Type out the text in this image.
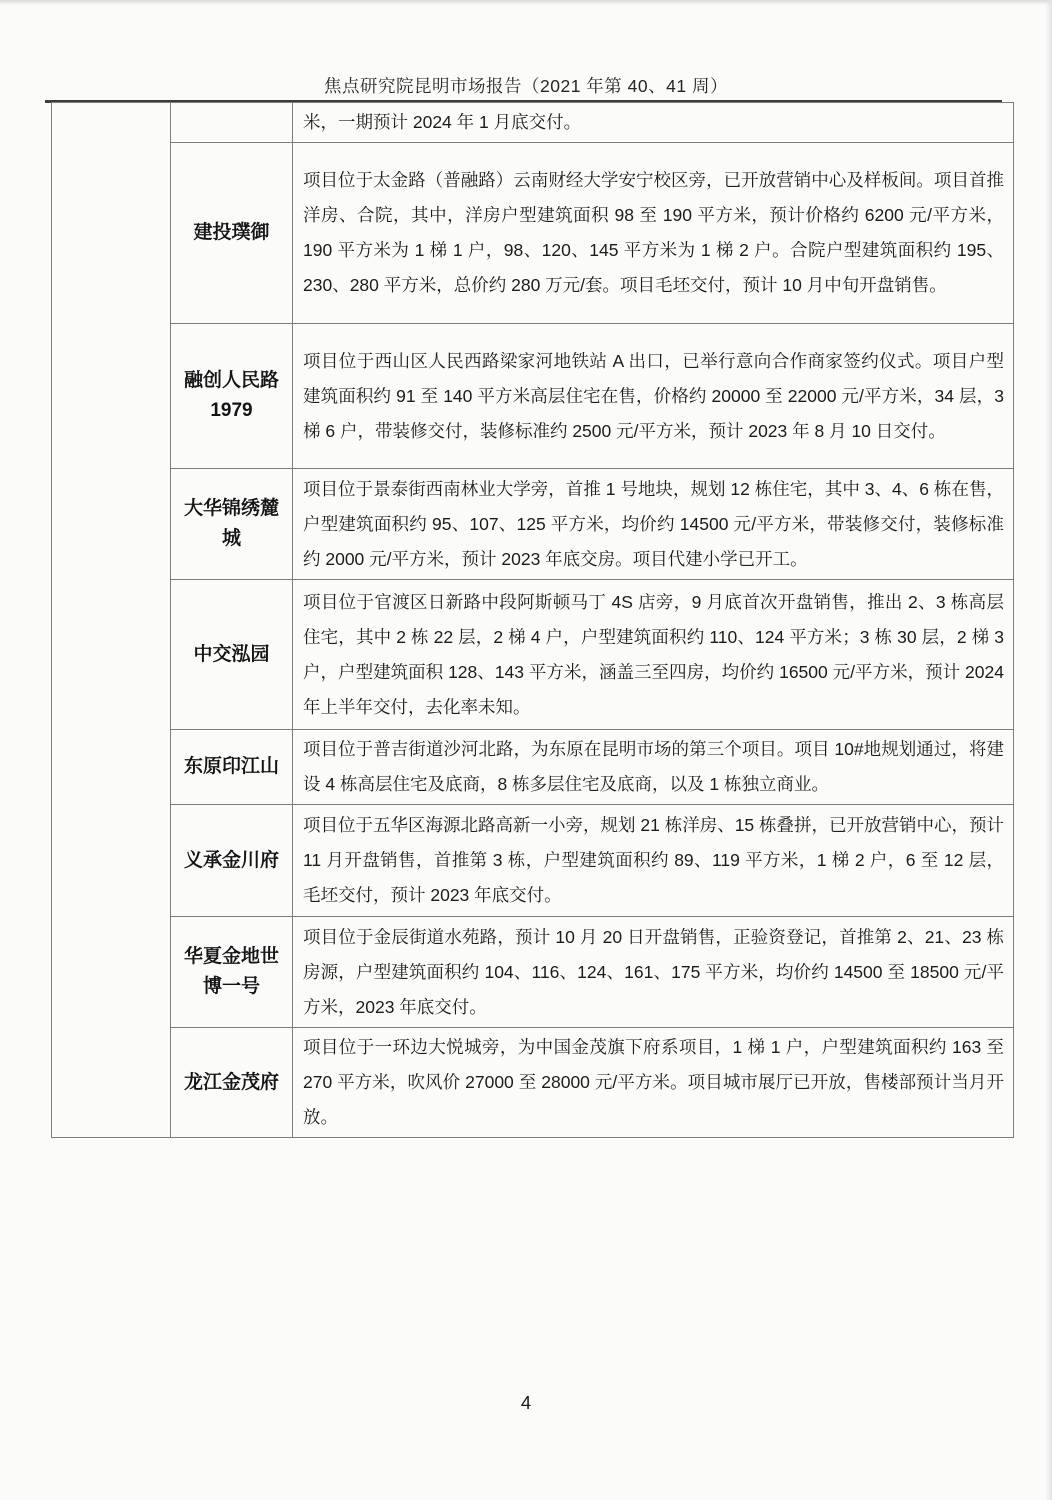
焦点研究院昆明市场报告（2021 年第 40、41 周）
		米，一期预计 2024 年 1 月底交付。
	建投璞御	项目位于太金路（普融路）云南财经大学安宁校区旁，已开放营销中心及样板间。项目首推洋房、合院，其中，洋房户型建筑面积 98 至 190 平方米，预计价格约 6200 元/平方米，190 平方米为 1 梯 1 户，98、120、145 平方米为 1 梯 2 户。合院户型建筑面积约 195、230、280 平方米，总价约 280 万元/套。项目毛坯交付，预计 10 月中旬开盘销售。
	融创人民路 1979	项目位于西山区人民西路梁家河地铁站 A 出口，已举行意向合作商家签约仪式。项目户型建筑面积约 91 至 140 平方米高层住宅在售，价格约 20000 至 22000 元/平方米，34 层，3 梯 6 户，带装修交付，装修标准约 2500 元/平方米，预计 2023 年 8 月 10 日交付。
	大华锦绣麓城	项目位于景泰街西南林业大学旁，首推 1 号地块，规划 12 栋住宅，其中 3、4、6 栋在售，户型建筑面积约 95、107、125 平方米，均价约 14500 元/平方米，带装修交付，装修标准约 2000 元/平方米，预计 2023 年底交房。项目代建小学已开工。
	中交泓园	项目位于官渡区日新路中段阿斯顿马丁 4S 店旁，9 月底首次开盘销售，推出 2、3 栋高层住宅，其中 2 栋 22 层，2 梯 4 户，户型建筑面积约 110、124 平方米；3 栋 30 层，2 梯 3 户，户型建筑面积 128、143 平方米，涵盖三至四房，均价约 16500 元/平方米，预计 2024 年上半年交付，去化率未知。
	东原印江山	项目位于普吉街道沙河北路，为东原在昆明市场的第三个项目。项目 10#地规划通过，将建设 4 栋高层住宅及底商，8 栋多层住宅及底商，以及 1 栋独立商业。
	义承金川府	项目位于五华区海源北路高新一小旁，规划 21 栋洋房、15 栋叠拼，已开放营销中心，预计 11 月开盘销售，首推第 3 栋，户型建筑面积约 89、119 平方米，1 梯 2 户，6 至 12 层，毛坯交付，预计 2023 年底交付。
	华夏金地世博一号	项目位于金辰街道水苑路，预计 10 月 20 日开盘销售，正验资登记，首推第 2、21、23 栋房源，户型建筑面积约 104、116、124、161、175 平方米，均价约 14500 至 18500 元/平方米，2023 年底交付。
	龙江金茂府	项目位于一环边大悦城旁，为中国金茂旗下府系项目，1 梯 1 户，户型建筑面积约 163 至 270 平方米，吹风价 27000 至 28000 元/平方米。项目城市展厅已开放，售楼部预计当月开放。
4
